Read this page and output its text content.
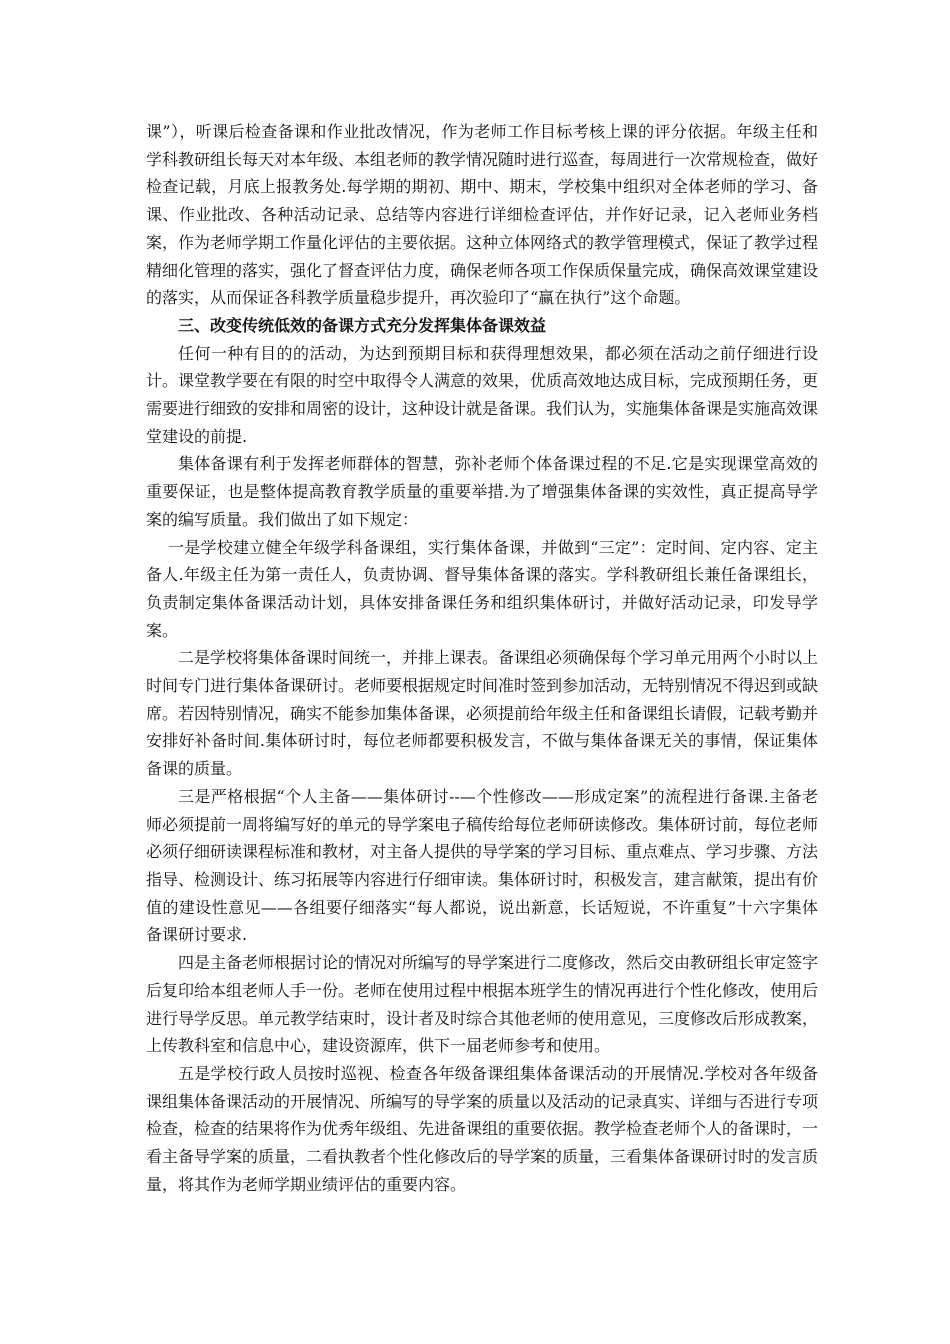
课”），听课后检查备课和作业批改情况，作为老师工作目标考核上课的评分依据。年级主任和学科教研组长每天对本年级、本组老师的教学情况随时进行巡查，每周进行一次常规检查，做好检查记载，月底上报教务处.每学期的期初、期中、期末，学校集中组织对全体老师的学习、备课、作业批改、各种活动记录、总结等内容进行详细检查评估，并作好记录，记入老师业务档案，作为老师学期工作量化评估的主要依据。这种立体网络式的教学管理模式，保证了教学过程精细化管理的落实，强化了督查评估力度，确保老师各项工作保质保量完成，确保高效课堂建设的落实，从而保证各科教学质量稳步提升，再次验印了“赢在执行”这个命题。

三、改变传统低效的备课方式充分发挥集体备课效益

任何一种有目的的活动，为达到预期目标和获得理想效果，都必须在活动之前仔细进行设计。课堂教学要在有限的时空中取得令人满意的效果，优质高效地达成目标，完成预期任务，更需要进行细致的安排和周密的设计，这种设计就是备课。我们认为，实施集体备课是实施高效课堂建设的前提.

集体备课有利于发挥老师群体的智慧，弥补老师个体备课过程的不足.它是实现课堂高效的重要保证，也是整体提高教育教学质量的重要举措.为了增强集体备课的实效性，真正提高导学案的编写质量。我们做出了如下规定：

一是学校建立健全年级学科备课组，实行集体备课，并做到“三定”：定时间、定内容、定主备人.年级主任为第一责任人，负责协调、督导集体备课的落实。学科教研组长兼任备课组长，负责制定集体备课活动计划，具体安排备课任务和组织集体研讨，并做好活动记录，印发导学案。

二是学校将集体备课时间统一，并排上课表。备课组必须确保每个学习单元用两个小时以上时间专门进行集体备课研讨。老师要根据规定时间准时签到参加活动，无特别情况不得迟到或缺席。若因特别情况，确实不能参加集体备课，必须提前给年级主任和备课组长请假，记载考勤并安排好补备时间.集体研讨时，每位老师都要积极发言，不做与集体备课无关的事情，保证集体备课的质量。

三是严格根据“个人主备——集体研讨--—个性修改——形成定案”的流程进行备课.主备老师必须提前一周将编写好的单元的导学案电子稿传给每位老师研读修改。集体研讨前，每位老师必须仔细研读课程标准和教材，对主备人提供的导学案的学习目标、重点难点、学习步骤、方法指导、检测设计、练习拓展等内容进行仔细审读。集体研讨时，积极发言，建言献策，提出有价值的建设性意见——各组要仔细落实“每人都说，说出新意，长话短说，不许重复”十六字集体备课研讨要求.

四是主备老师根据讨论的情况对所编写的导学案进行二度修改，然后交由教研组长审定签字后复印给本组老师人手一份。老师在使用过程中根据本班学生的情况再进行个性化修改，使用后进行导学反思。单元教学结束时，设计者及时综合其他老师的使用意见，三度修改后形成教案，上传教科室和信息中心，建设资源库，供下一届老师参考和使用。

五是学校行政人员按时巡视、检查各年级备课组集体备课活动的开展情况.学校对各年级备课组集体备课活动的开展情况、所编写的导学案的质量以及活动的记录真实、详细与否进行专项检查，检查的结果将作为优秀年级组、先进备课组的重要依据。教学检查老师个人的备课时，一看主备导学案的质量，二看执教者个性化修改后的导学案的质量，三看集体备课研讨时的发言质量，将其作为老师学期业绩评估的重要内容。
